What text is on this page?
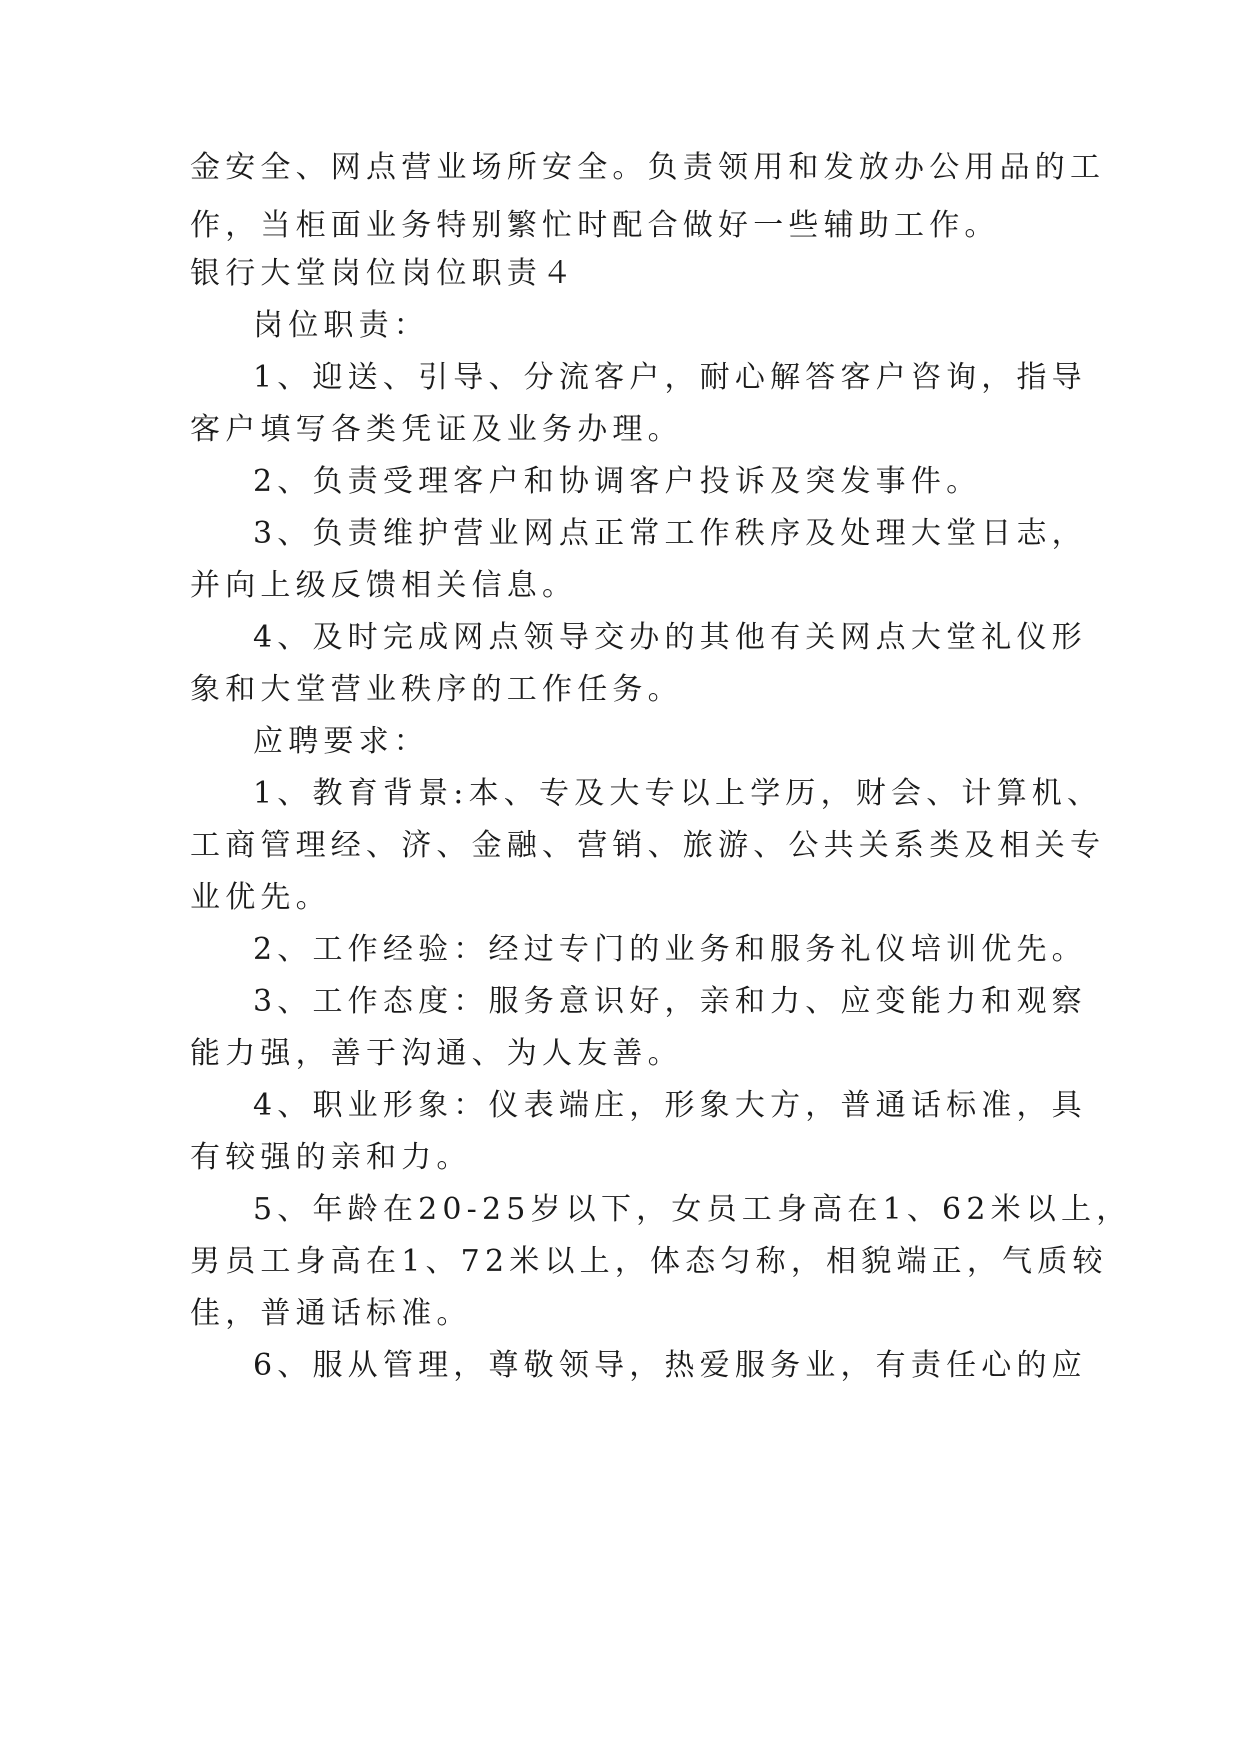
金安全、网点营业场所安全。负责领用和发放办公用品的工
作，当柜面业务特别繁忙时配合做好一些辅助工作。
银行大堂岗位岗位职责４
岗位职责：
1、迎送、引导、分流客户，耐心解答客户咨询，指导
客户填写各类凭证及业务办理。
2、负责受理客户和协调客户投诉及突发事件。
3、负责维护营业网点正常工作秩序及处理大堂日志，
并向上级反馈相关信息。
4、及时完成网点领导交办的其他有关网点大堂礼仪形
象和大堂营业秩序的工作任务。
应聘要求：
1、教育背景:本、专及大专以上学历，财会、计算机、
工商管理经、济、金融、营销、旅游、公共关系类及相关专
业优先。
2、工作经验：经过专门的业务和服务礼仪培训优先。
3、工作态度：服务意识好，亲和力、应变能力和观察
能力强，善于沟通、为人友善。
4、职业形象：仪表端庄，形象大方，普通话标准，具
有较强的亲和力。
5、年龄在20-25岁以下，女员工身高在1、62米以上，
男员工身高在1、72米以上，体态匀称，相貌端正，气质较
佳，普通话标准。
6、服从管理，尊敬领导，热爱服务业，有责任心的应
